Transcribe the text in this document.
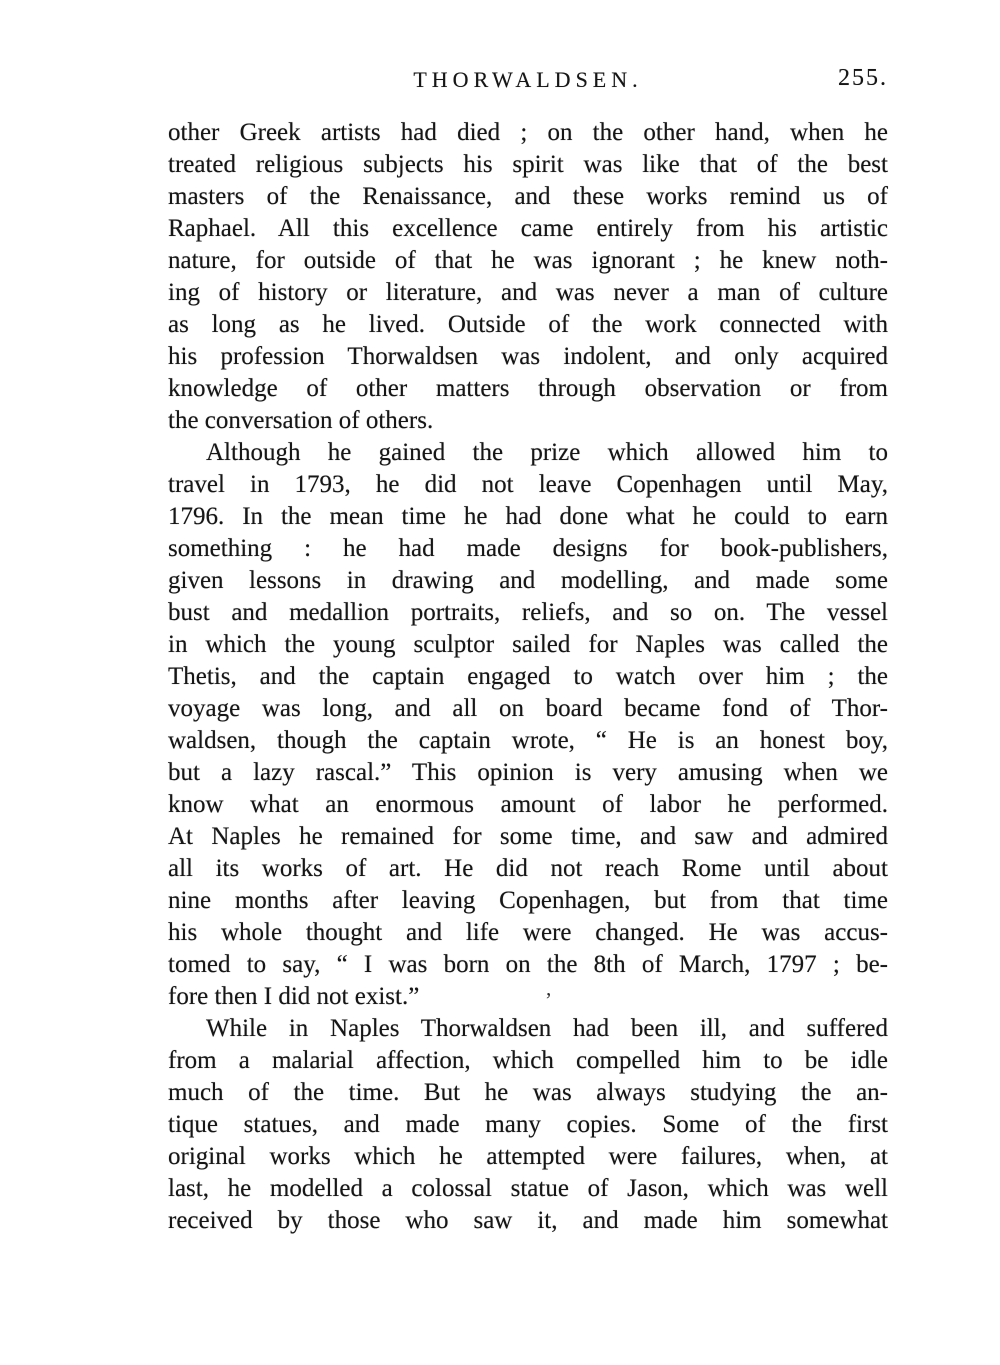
THORWALDSEN.	255.
other Greek artists had died ; on the other hand, when he
treated religious subjects his spirit was like that of the best
masters of the Renaissance, and these works remind us of
Raphael. All this excellence came entirely from his artistic
nature, for outside of that he was ignorant ; he knew noth-
ing of history or literature, and was never a man of culture
as long as he lived. Outside of the work connected with
his profession Thorwaldsen was indolent, and only acquired
knowledge of other matters through observation or from
the conversation of others.
Although he gained the prize which allowed him to
travel in 1793, he did not leave Copenhagen until May,
1796. In the mean time he had done what he could to earn
something : he had made designs for book-publishers,
given lessons in drawing and modelling, and made some
bust and medallion portraits, reliefs, and so on. The vessel
in which the young sculptor sailed for Naples was called the
Thetis, and the captain engaged to watch over him ; the
voyage was long, and all on board became fond of Thor-
waldsen, though the captain wrote, “ He is an honest boy,
but a lazy rascal.” This opinion is very amusing when we
know what an enormous amount of labor he performed.
At Naples he remained for some time, and saw and admired
all its works of art. He did not reach Rome until about
nine months after leaving Copenhagen, but from that time
his whole thought and life were changed. He was accus-
tomed to say, “ I was born on the 8th of March, 1797 ; be-
fore then I did not exist.”
While in Naples Thorwaldsen had been ill, and suffered
from a malarial affection, which compelled him to be idle
much of the time. But he was always studying the an-
tique statues, and made many copies. Some of the first
original works which he attempted were failures, when, at
last, he modelled a colossal statue of Jason, which was well
received by those who saw it, and made him somewhat
’
